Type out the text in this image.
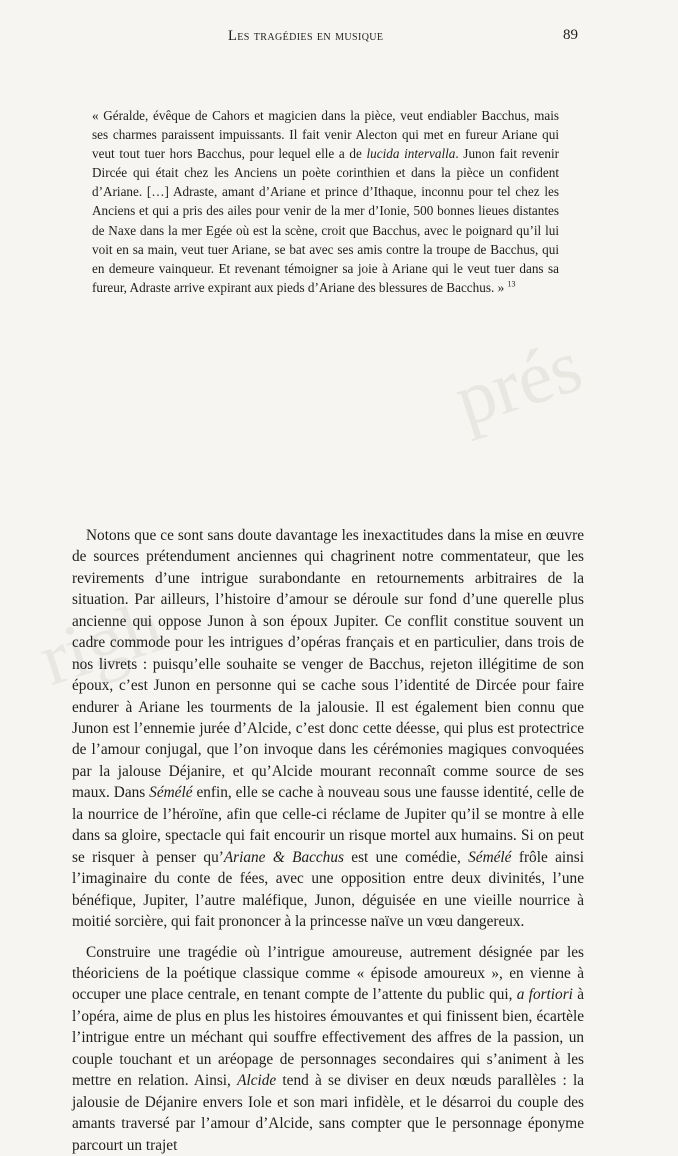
prés
righ
Les tragédies en musique	89

« Géralde, évêque de Cahors et magicien dans la pièce, veut endiabler Bacchus, mais ses charmes paraissent impuissants. Il fait venir Alecton qui met en fureur Ariane qui veut tout tuer hors Bacchus, pour lequel elle a de lucida intervalla. Junon fait revenir Dircée qui était chez les Anciens un poète corinthien et dans la pièce un confident d’Ariane. […] Adraste, amant d’Ariane et prince d’Ithaque, inconnu pour tel chez les Anciens et qui a pris des ailes pour venir de la mer d’Ionie, 500 bonnes lieues distantes de Naxe dans la mer Egée où est la scène, croit que Bacchus, avec le poignard qu’il lui voit en sa main, veut tuer Ariane, se bat avec ses amis contre la troupe de Bacchus, qui en demeure vainqueur. Et revenant témoigner sa joie à Ariane qui le veut tuer dans sa fureur, Adraste arrive expirant aux pieds d’Ariane des blessures de Bacchus. » $^{13}$

Notons que ce sont sans doute davantage les inexactitudes dans la mise en œuvre de sources prétendument anciennes qui chagrinent notre commentateur, que les revirements d’une intrigue surabondante en retournements arbitraires de la situation. Par ailleurs, l’histoire d’amour se déroule sur fond d’une querelle plus ancienne qui oppose Junon à son époux Jupiter. Ce conflit constitue souvent un cadre commode pour les intrigues d’opéras français et en particulier, dans trois de nos livrets : puisqu’elle souhaite se venger de Bacchus, rejeton illégitime de son époux, c’est Junon en personne qui se cache sous l’identité de Dircée pour faire endurer à Ariane les tourments de la jalousie. Il est également bien connu que Junon est l’ennemie jurée d’Alcide, c’est donc cette déesse, qui plus est protectrice de l’amour conjugal, que l’on invoque dans les cérémonies magiques convoquées par la jalouse Déjanire, et qu’Alcide mourant reconnaît comme source de ses maux. Dans Sémélé enfin, elle se cache à nouveau sous une fausse identité, celle de la nourrice de l’héroïne, afin que celle-ci réclame de Jupiter qu’il se montre à elle dans sa gloire, spectacle qui fait encourir un risque mortel aux humains. Si on peut se risquer à penser qu’Ariane & Bacchus est une comédie, Sémélé frôle ainsi l’imaginaire du conte de fées, avec une opposition entre deux divinités, l’une bénéfique, Jupiter, l’autre maléfique, Junon, déguisée en une vieille nourrice à moitié sorcière, qui fait prononcer à la princesse naïve un vœu dangereux.

Construire une tragédie où l’intrigue amoureuse, autrement désignée par les théoriciens de la poétique classique comme « épisode amoureux », en vienne à occuper une place centrale, en tenant compte de l’attente du public qui, a fortiori à l’opéra, aime de plus en plus les histoires émouvantes et qui finissent bien, écartèle l’intrigue entre un méchant qui souffre effectivement des affres de la passion, un couple touchant et un aréopage de personnages secondaires qui s’animent à les mettre en relation. Ainsi, Alcide tend à se diviser en deux nœuds parallèles : la jalousie de Déjanire envers Iole et son mari infidèle, et le désarroi du couple des amants traversé par l’amour d’Alcide, sans compter que le personnage éponyme parcourt un trajet
